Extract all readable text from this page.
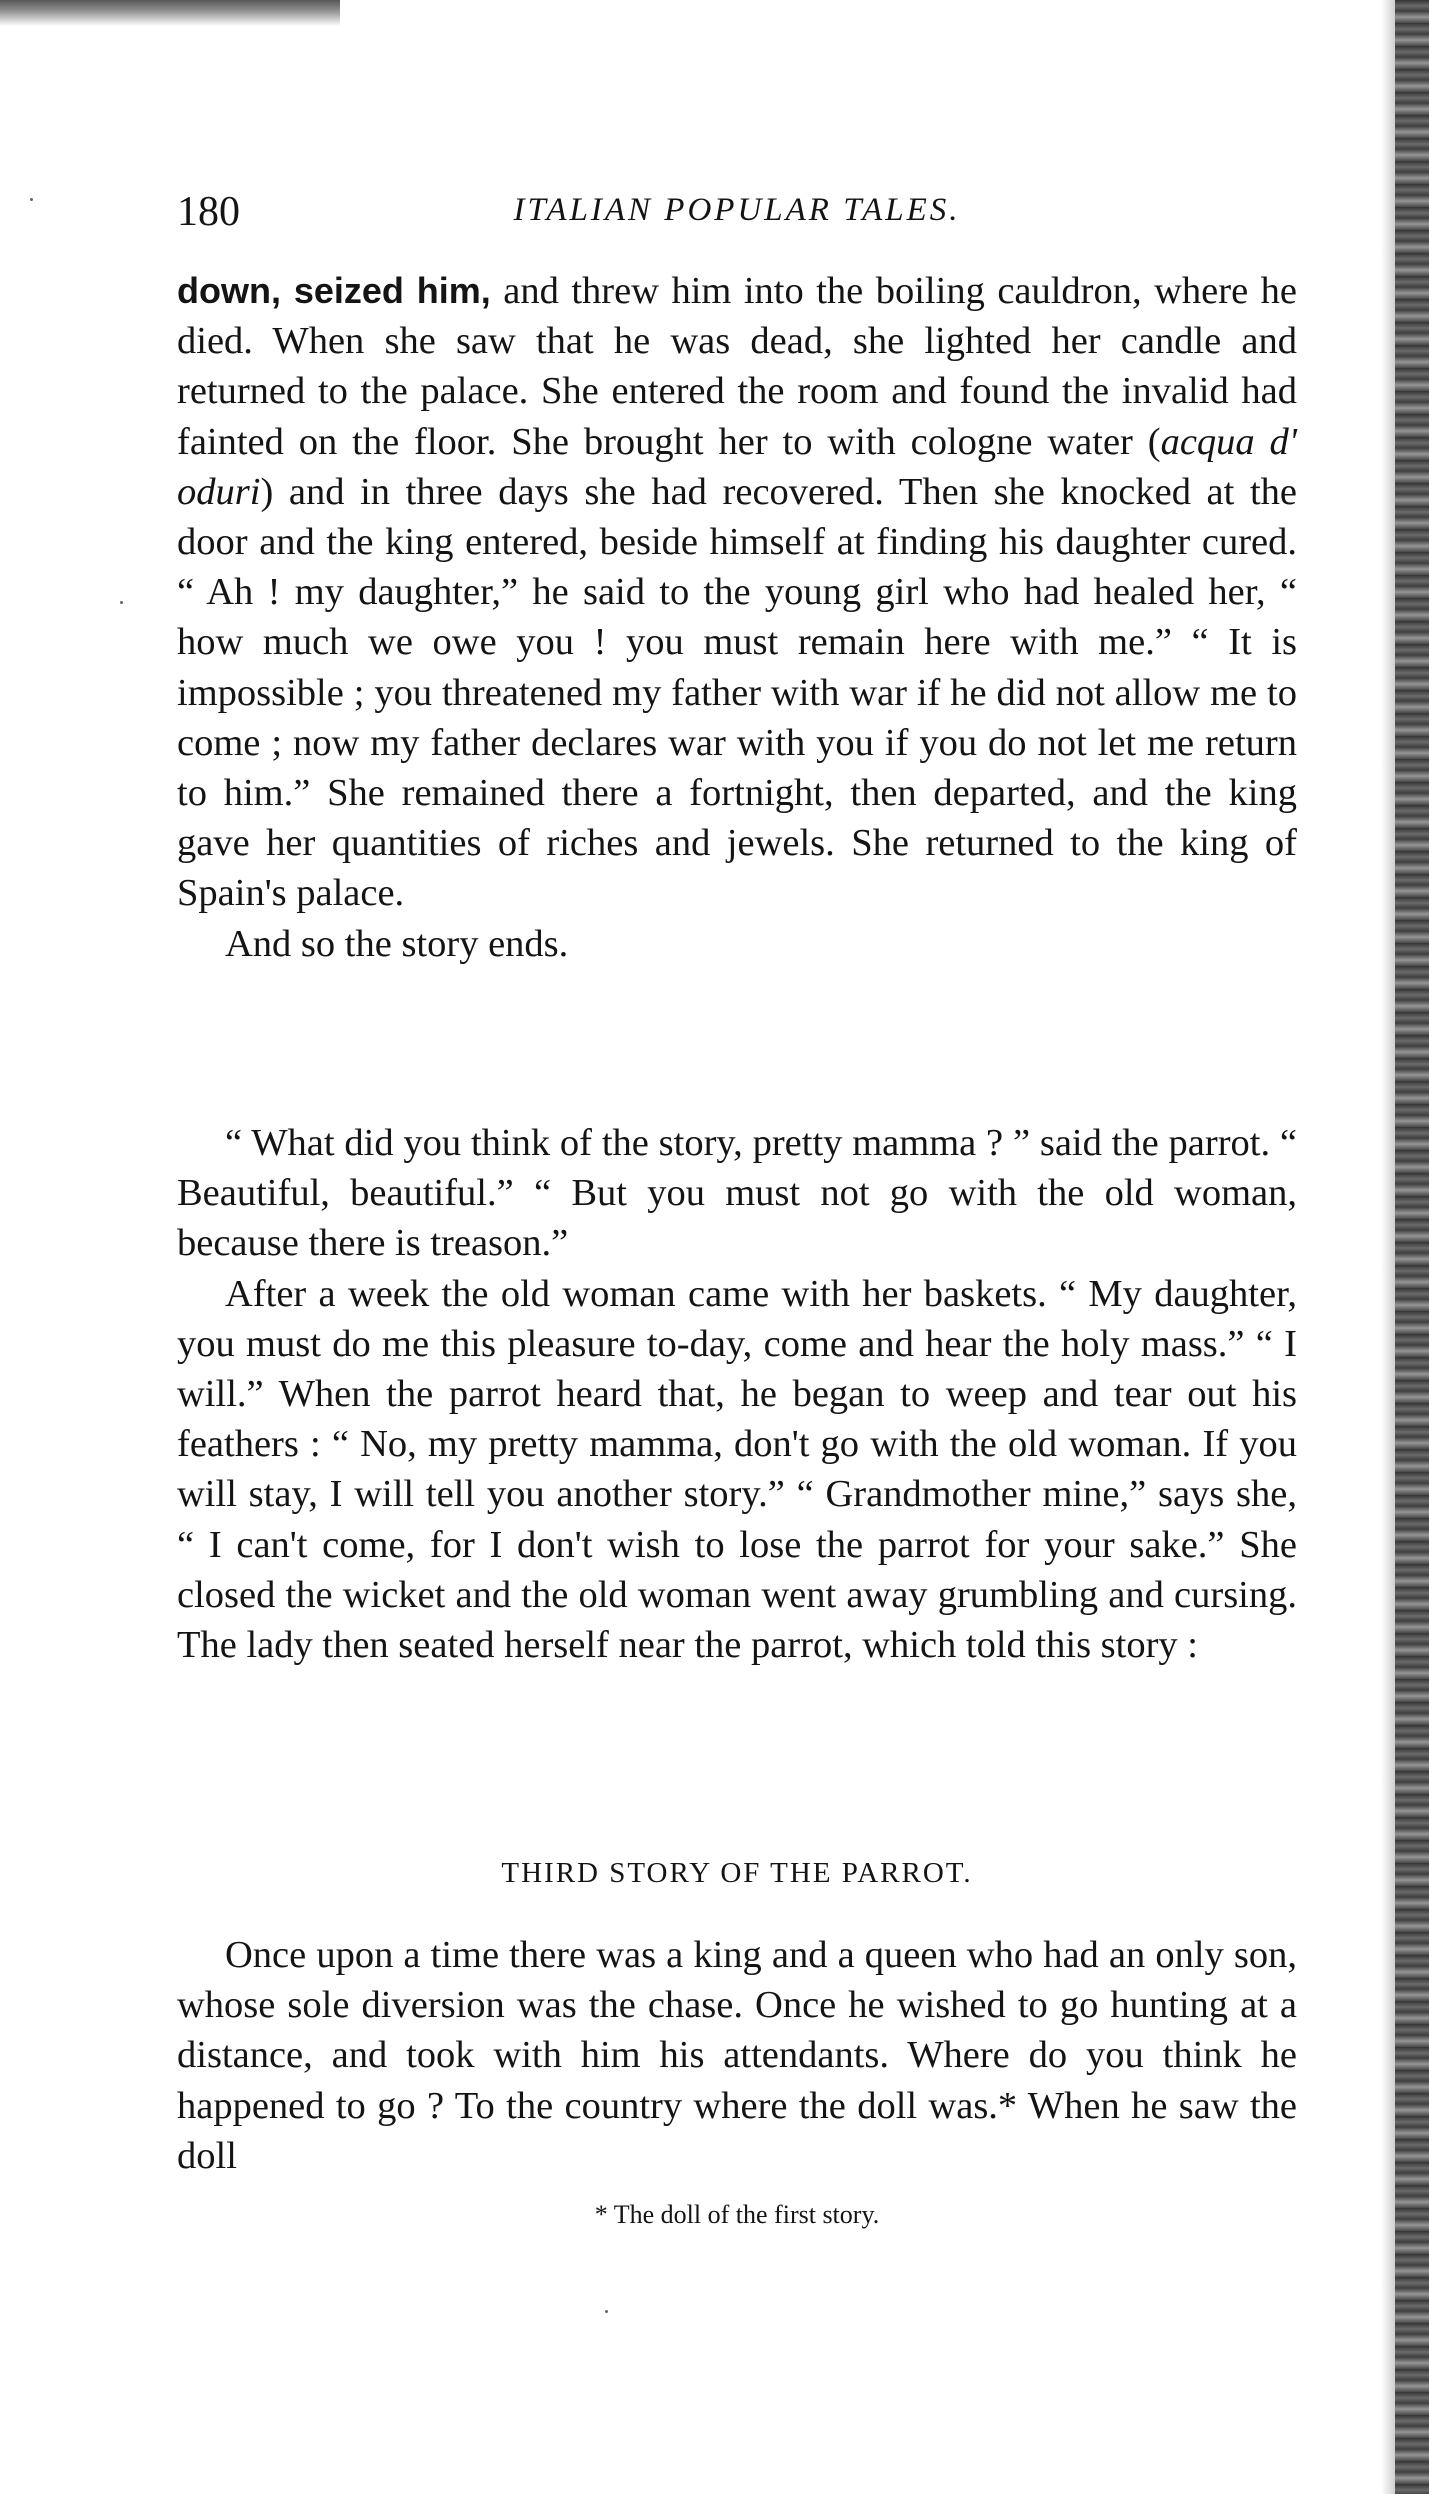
180	ITALIAN POPULAR TALES.

down, seized him, and threw him into the boiling cauldron, where he died. When she saw that he was dead, she lighted her candle and returned to the palace. She entered the room and found the invalid had fainted on the floor. She brought her to with cologne water (acqua d' oduri) and in three days she had recovered. Then she knocked at the door and the king entered, beside himself at finding his daughter cured. “ Ah ! my daughter,” he said to the young girl who had healed her, “ how much we owe you ! you must remain here with me.” “ It is impossible ; you threatened my father with war if he did not allow me to come ; now my father declares war with you if you do not let me return to him.” She remained there a fortnight, then departed, and the king gave her quantities of riches and jewels. She returned to the king of Spain's palace.

And so the story ends.

“ What did you think of the story, pretty mamma ? ” said the parrot. “ Beautiful, beautiful.” “ But you must not go with the old woman, because there is treason.”

After a week the old woman came with her baskets. “ My daughter, you must do me this pleasure to-day, come and hear the holy mass.” “ I will.” When the parrot heard that, he began to weep and tear out his feathers : “ No, my pretty mamma, don't go with the old woman. If you will stay, I will tell you another story.” “ Grandmother mine,” says she, “ I can't come, for I don't wish to lose the parrot for your sake.” She closed the wicket and the old woman went away grumbling and cursing. The lady then seated herself near the parrot, which told this story :

THIRD STORY OF THE PARROT.

Once upon a time there was a king and a queen who had an only son, whose sole diversion was the chase. Once he wished to go hunting at a distance, and took with him his attendants. Where do you think he happened to go ? To the country where the doll was.* When he saw the doll

* The doll of the first story.
